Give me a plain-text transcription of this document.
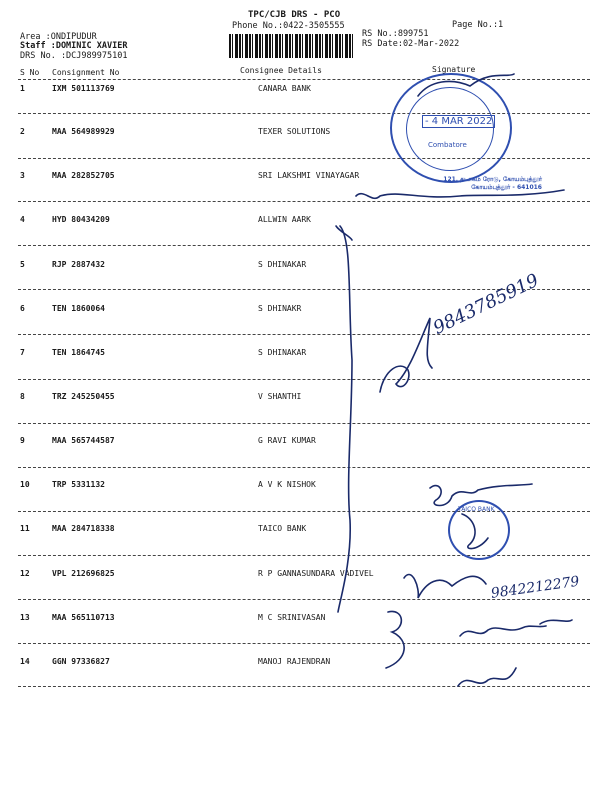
TPC/CJB DRS - PCO
Phone No.:0422-3505555
Area :ONDIPUDUR
Staff :DOMINIC XAVIER
DRS No. :DCJ989975101
RS No.:899751
RS Date:02-Mar-2022
Page No.:1
S No Consignment No	Consignee Details	Signature
1	IXM 501113769	CANARA BANK
2	MAA 564989929	TEXER SOLUTIONS
3	MAA 282852705	SRI LAKSHMI VINAYAGAR
4	HYD 80434209	ALLWIN AARK
5	RJP 2887432	S DHINAKAR
6	TEN 1860064	S DHINAKR
7	TEN 1864745	S DHINAKAR
8	TRZ 245250455	V SHANTHI
9	MAA 565744587	G RAVI KUMAR
10	TRP 5331132	A V K NISHOK
11	MAA 284718338	TAICO BANK
12	VPL 212696825	R P GANNASUNDARA VADIVEL
13	MAA 565110713	M C SRINIVASAN
14	GGN 97336827	MANOJ RAJENDRAN
- 4 MAR 2022
Combatore
121, தடாகம் ரோடு, கோயம்புத்தூர்
கோயம்புத்தூர் - 641016
TAICO BANK
9843785919
9842212279
